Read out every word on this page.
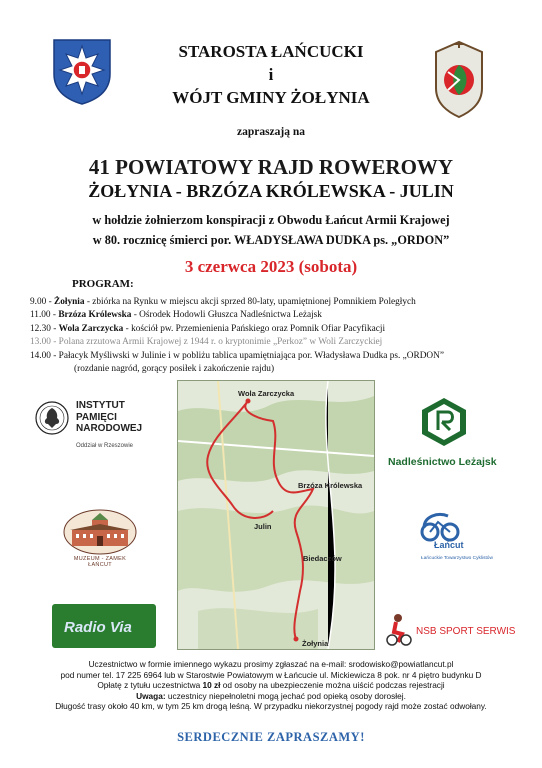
STAROSTA ŁAŃCUCKI
i
WÓJT GMINY ŻOŁYNIA
zapraszają na
41 POWIATOWY RAJD ROWEROWY
ŻOŁYNIA - BRZÓZA KRÓLEWSKA - JULIN
w hołdzie żołnierzom konspiracji z Obwodu Łańcut Armii Krajowej
w 80. rocznicę śmierci por. WŁADYSŁAWA DUDKA ps. „ORDON”
3 czerwca 2023 (sobota)
PROGRAM:
9.00 - Żołynia - zbiórka na Rynku w miejscu akcji sprzed 80-laty, upamiętnionej Pomnikiem Poległych
11.00 - Brzóza Królewska - Ośrodek Hodowli Głuszca Nadleśnictwa Leżajsk
12.30 - Wola Zarczycka - kościół pw. Przemienienia Pańskiego oraz Pomnik Ofiar Pacyfikacji
13.00 - Polana zrzutowa Armii Krajowej z 1944 r. o kryptonimie „Perkoz” w Woli Zarczyckiej
14.00 - Pałacyk Myśliwski w Julinie i w pobliżu tablica upamiętniająca por. Władysława Dudka ps. „ORDON”
(rozdanie nagród, gorący posiłek i zakończenie rajdu)
Wola Zarczycka
Brzóza Królewska
Julin
Biedaczów
Żołynia
INSTYTUT
PAMIĘCI
NARODOWEJ
Oddział w Rzeszowie
Nadleśnictwo Leżajsk
MUZEUM - ZAMEK
ŁAŃCUT
Łańcut
Łańcuckie Towarzystwo Cyklistów
Radio Via	NSB SPORT SERWIS
Uczestnictwo w formie imiennego wykazu prosimy zgłaszać na e-mail: srodowisko@powiatlancut.pl
pod numer tel. 17 225 6964 lub w Starostwie Powiatowym w Łańcucie ul. Mickiewicza 8 pok. nr 4 piętro budynku D
Opłatę z tytułu uczestnictwa 10 zł od osoby na ubezpieczenie można uiścić podczas rejestracji
Uwaga: uczestnicy niepełnoletni mogą jechać pod opieką osoby dorosłej.
Długość trasy około 40 km, w tym 25 km drogą leśną. W przypadku niekorzystnej pogody rajd może zostać odwołany.
SERDECZNIE ZAPRASZAMY!
